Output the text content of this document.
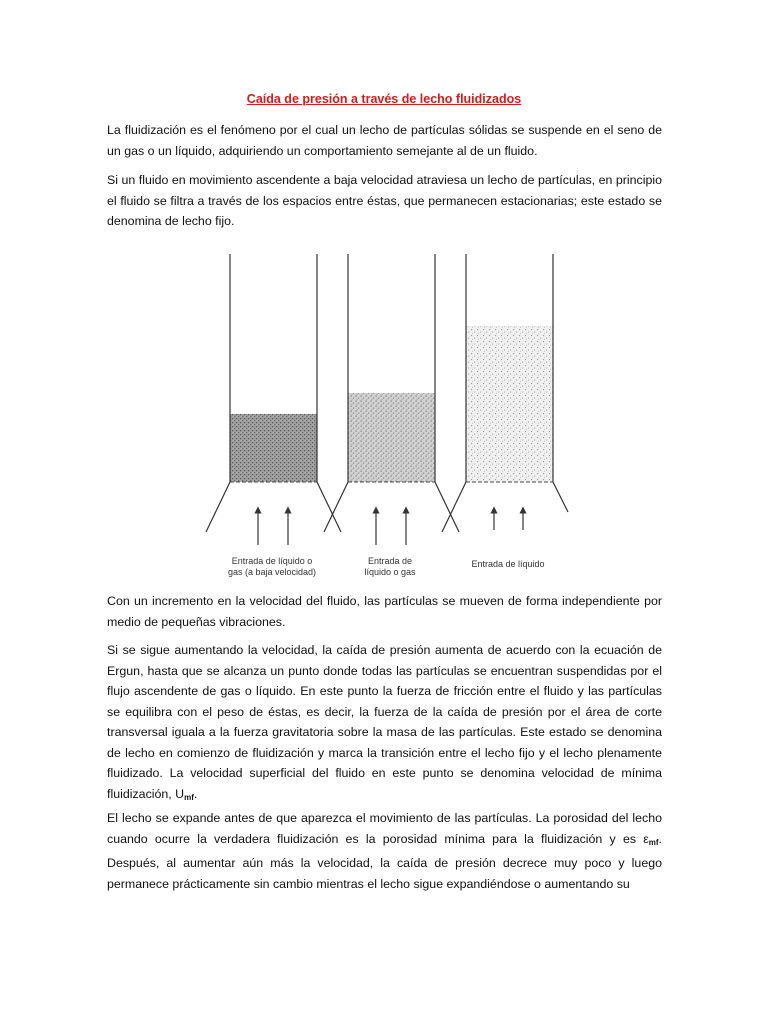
Caída de presión a través de lecho fluidizados
La fluidización es el fenómeno por el cual un lecho de partículas sólidas se suspende en el seno de un gas o un líquido, adquiriendo un comportamiento semejante al de un fluido.
Si un fluido en movimiento ascendente a baja velocidad atraviesa un lecho de partículas, en principio el fluido se filtra a través de los espacios entre éstas, que permanecen estacionarias; este estado se denomina de lecho fijo.
Entrada de líquido o
gas (a baja velocidad)
Entrada de
líquido o gas
Entrada de líquido
Con un incremento en la velocidad del fluido, las partículas se mueven de forma independiente por medio de pequeñas vibraciones.
Si se sigue aumentando la velocidad, la caída de presión aumenta de acuerdo con la ecuación de Ergun, hasta que se alcanza un punto donde todas las partículas se encuentran suspendidas por el flujo ascendente de gas o líquido. En este punto la fuerza de fricción entre el fluido y las partículas se equilibra con el peso de éstas, es decir, la fuerza de la caída de presión por el área de corte transversal iguala a la fuerza gravitatoria sobre la masa de las partículas. Este estado se denomina de lecho en comienzo de fluidización y marca la transición entre el lecho fijo y el lecho plenamente fluidizado. La velocidad superficial del fluido en este punto se denomina velocidad de mínima fluidización, $U_{mf}$.
El lecho se expande antes de que aparezca el movimiento de las partículas. La porosidad del lecho cuando ocurre la verdadera fluidización es la porosidad mínima para la fluidización y es $\varepsilon_{mf}$. Después, al aumentar aún más la velocidad, la caída de presión decrece muy poco y luego permanece prácticamente sin cambio mientras el lecho sigue expandiéndose o aumentando su
